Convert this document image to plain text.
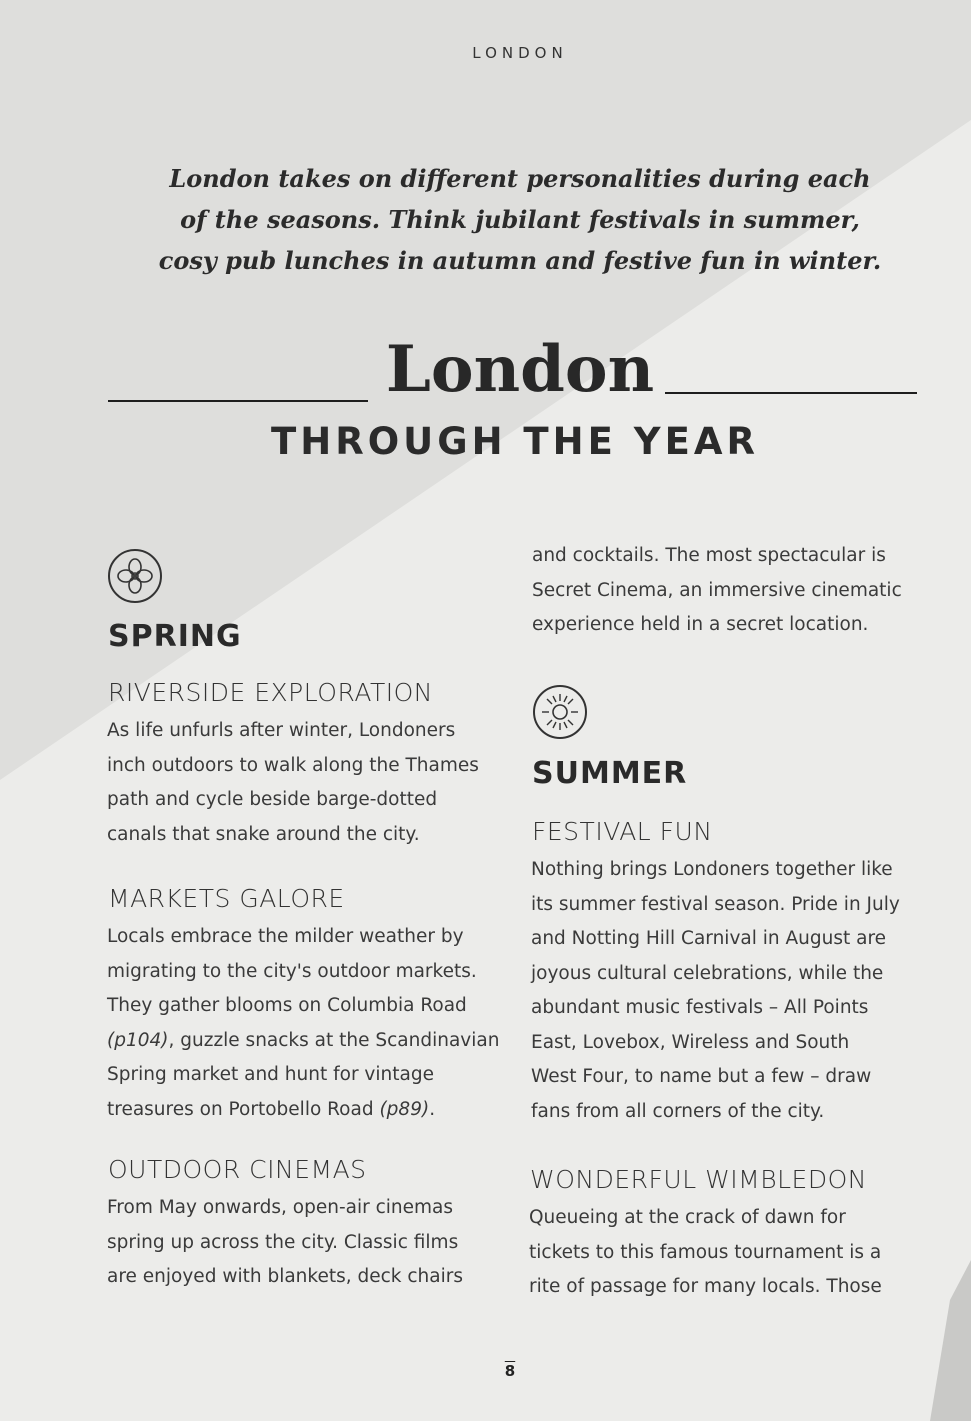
LONDON
London takes on different personalities during each
of the seasons. Think jubilant festivals in summer,
cosy pub lunches in autumn and festive fun in winter.
London
THROUGH THE YEAR
SPRING
RIVERSIDE EXPLORATION
As life unfurls after winter, Londoners
inch outdoors to walk along the Thames
path and cycle beside barge-dotted
canals that snake around the city.
MARKETS GALORE
Locals embrace the milder weather by
migrating to the city's outdoor markets.
They gather blooms on Columbia Road
(p104), guzzle snacks at the Scandinavian
Spring market and hunt for vintage
treasures on Portobello Road (p89).
OUTDOOR CINEMAS
From May onwards, open-air cinemas
spring up across the city. Classic films
are enjoyed with blankets, deck chairs
and cocktails. The most spectacular is
Secret Cinema, an immersive cinematic
experience held in a secret location.
SUMMER
FESTIVAL FUN
Nothing brings Londoners together like
its summer festival season. Pride in July
and Notting Hill Carnival in August are
joyous cultural celebrations, while the
abundant music festivals – All Points
East, Lovebox, Wireless and South
West Four, to name but a few – draw
fans from all corners of the city.
WONDERFUL WIMBLEDON
Queueing at the crack of dawn for
tickets to this famous tournament is a
rite of passage for many locals. Those
8
